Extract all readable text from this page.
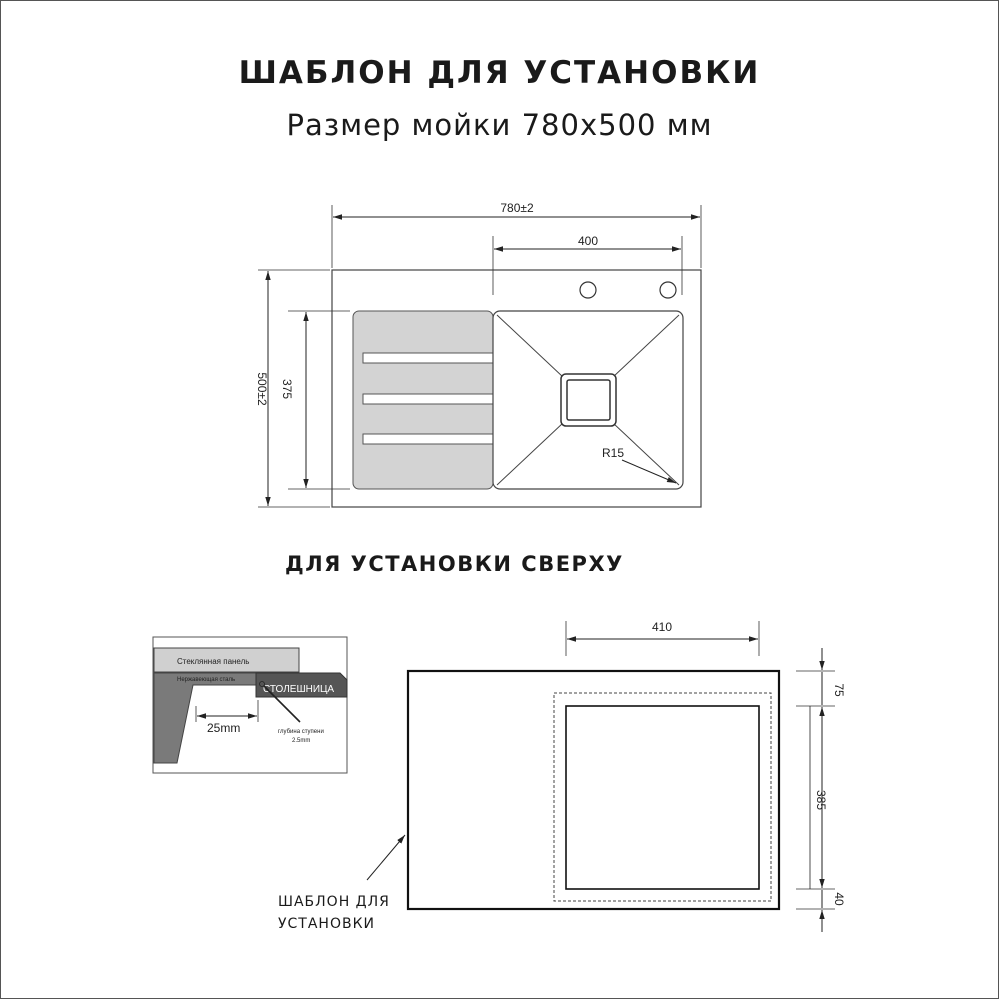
ШАБЛОН ДЛЯ УСТАНОВКИ
Размер мойки 780х500 мм
ДЛЯ УСТАНОВКИ СВЕРХУ
R15
780±2
400
500±2 375
Стеклянная панель
Нержавеющая сталь
СТОЛЕШНИЦА
25mm	глубина ступени
2.5mm
410
75
385
40
ШАБЛОН ДЛЯ
УСТАНОВКИ
